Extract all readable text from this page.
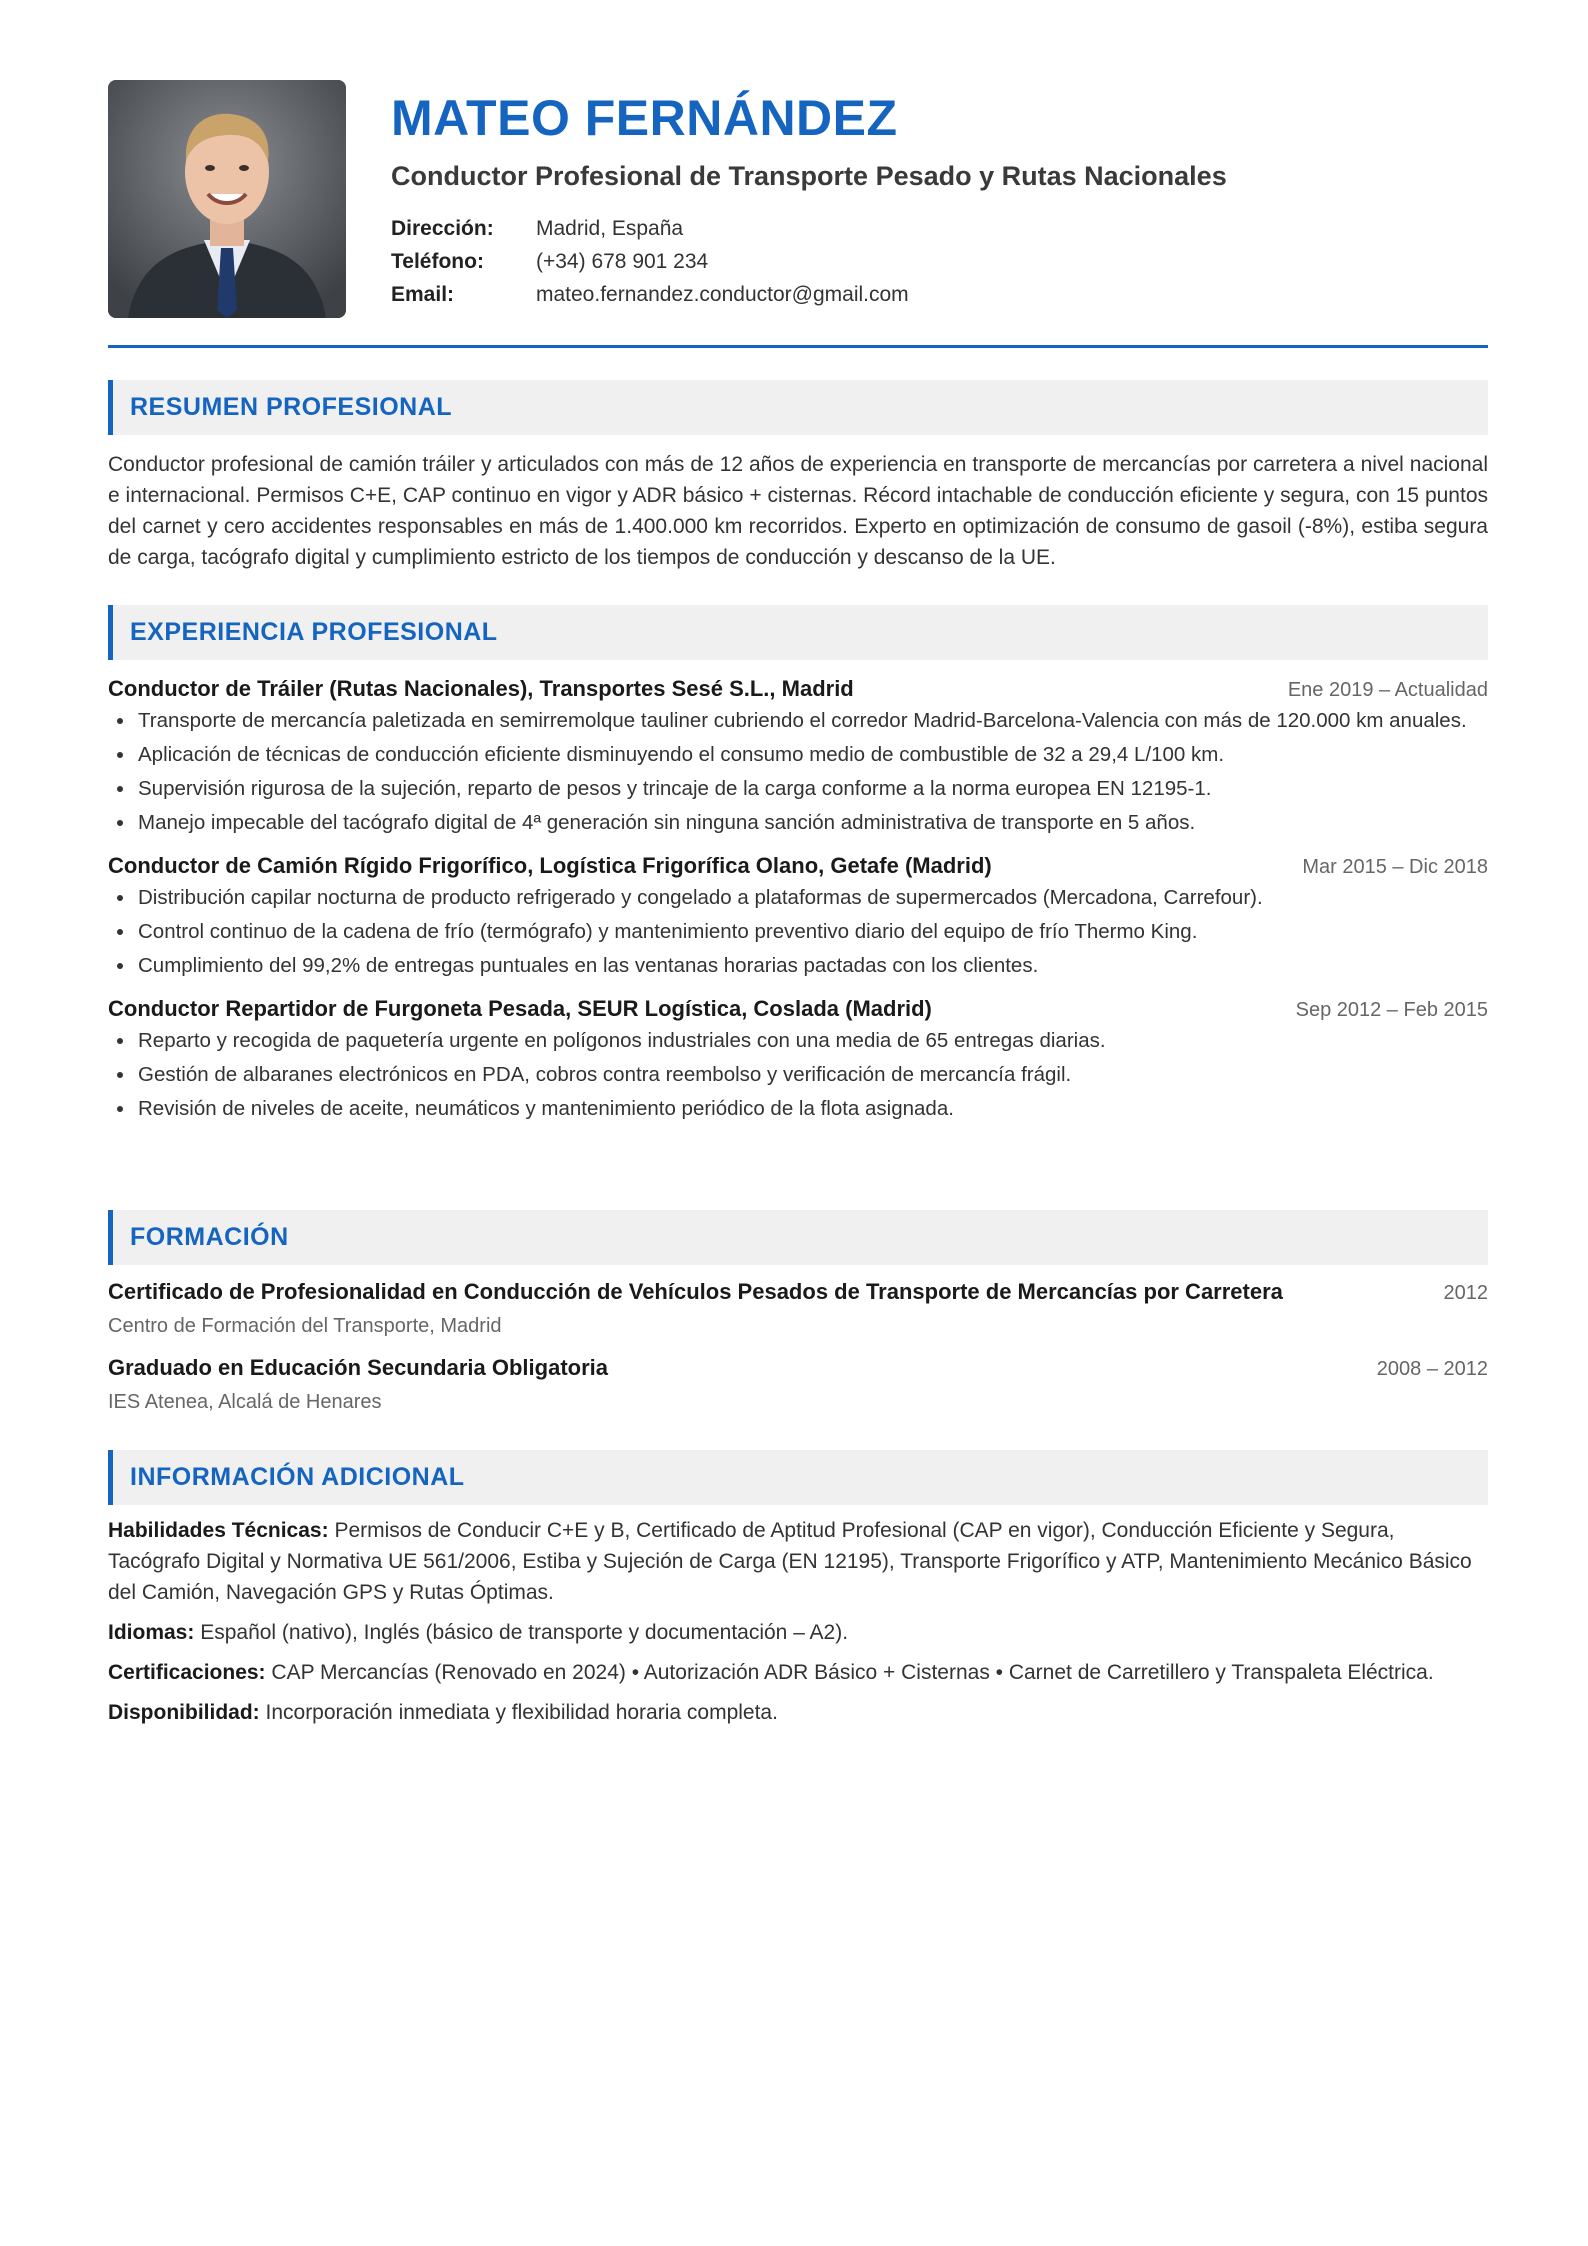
MATEO FERNÁNDEZ
Conductor Profesional de Transporte Pesado y Rutas Nacionales
Dirección:	Madrid, España
Teléfono:	(+34) 678 901 234
Email:	mateo.fernandez.conductor@gmail.com
RESUMEN PROFESIONAL

Conductor profesional de camión tráiler y articulados con más de 12 años de experiencia en transporte de mercancías por carretera a nivel nacional e internacional. Permisos C+E, CAP continuo en vigor y ADR básico + cisternas. Récord intachable de conducción eficiente y segura, con 15 puntos del carnet y cero accidentes responsables en más de 1.400.000 km recorridos. Experto en optimización de consumo de gasoil (-8%), estiba segura de carga, tacógrafo digital y cumplimiento estricto de los tiempos de conducción y descanso de la UE.

EXPERIENCIA PROFESIONAL
Conductor de Tráiler (Rutas Nacionales), Transportes Sesé S.L., Madrid	Ene 2019 – Actualidad
• Transporte de mercancía paletizada en semirremolque tauliner cubriendo el corredor Madrid-Barcelona-Valencia con más de 120.000 km anuales.
• Aplicación de técnicas de conducción eficiente disminuyendo el consumo medio de combustible de 32 a 29,4 L/100 km.
• Supervisión rigurosa de la sujeción, reparto de pesos y trincaje de la carga conforme a la norma europea EN 12195-1.
• Manejo impecable del tacógrafo digital de 4ª generación sin ninguna sanción administrativa de transporte en 5 años.
Conductor de Camión Rígido Frigorífico, Logística Frigorífica Olano, Getafe (Madrid)	Mar 2015 – Dic 2018
• Distribución capilar nocturna de producto refrigerado y congelado a plataformas de supermercados (Mercadona, Carrefour).
• Control continuo de la cadena de frío (termógrafo) y mantenimiento preventivo diario del equipo de frío Thermo King.
• Cumplimiento del 99,2% de entregas puntuales en las ventanas horarias pactadas con los clientes.
Conductor Repartidor de Furgoneta Pesada, SEUR Logística, Coslada (Madrid)	Sep 2012 – Feb 2015
• Reparto y recogida de paquetería urgente en polígonos industriales con una media de 65 entregas diarias.
• Gestión de albaranes electrónicos en PDA, cobros contra reembolso y verificación de mercancía frágil.
• Revisión de niveles de aceite, neumáticos y mantenimiento periódico de la flota asignada.
FORMACIÓN
Certificado de Profesionalidad en Conducción de Vehículos Pesados de Transporte de Mercancías por Carretera	2012
Centro de Formación del Transporte, Madrid
Graduado en Educación Secundaria Obligatoria	2008 – 2012
IES Atenea, Alcalá de Henares
INFORMACIÓN ADICIONAL
Habilidades Técnicas: Permisos de Conducir C+E y B, Certificado de Aptitud Profesional (CAP en vigor), Conducción Eficiente y Segura, Tacógrafo Digital y Normativa UE 561/2006, Estiba y Sujeción de Carga (EN 12195), Transporte Frigorífico y ATP, Mantenimiento Mecánico Básico del Camión, Navegación GPS y Rutas Óptimas.
Idiomas: Español (nativo), Inglés (básico de transporte y documentación – A2).
Certificaciones: CAP Mercancías (Renovado en 2024) • Autorización ADR Básico + Cisternas • Carnet de Carretillero y Transpaleta Eléctrica.
Disponibilidad: Incorporación inmediata y flexibilidad horaria completa.
